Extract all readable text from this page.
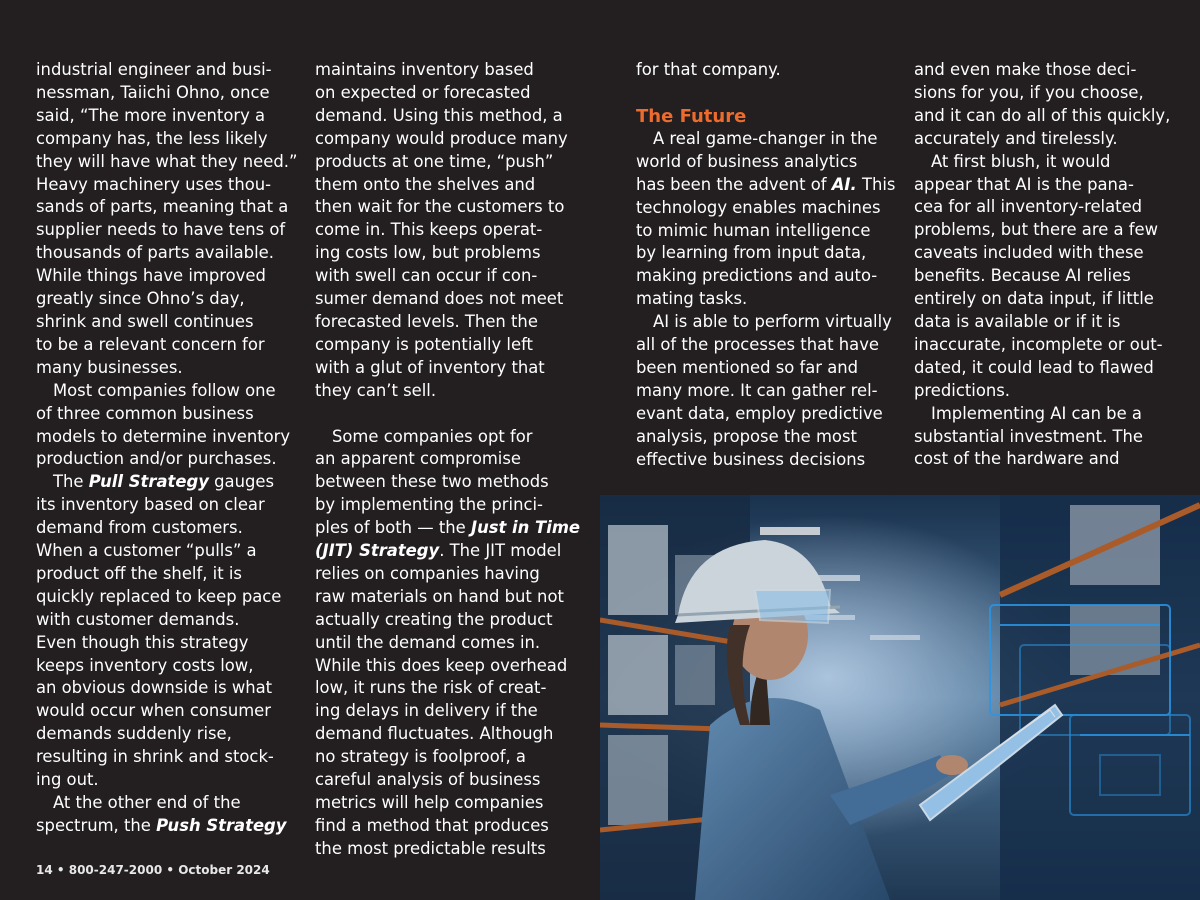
industrial engineer and busi-
nessman, Taiichi Ohno, once
said, “The more inventory a
company has, the less likely
they will have what they need.”
Heavy machinery uses thou-
sands of parts, meaning that a
supplier needs to have tens of
thousands of parts available.
While things have improved
greatly since Ohno’s day,
shrink and swell continues
to be a relevant concern for
many businesses.

Most companies follow one
of three common business
models to determine inventory
production and/or purchases.

The Pull Strategy gauges
its inventory based on clear
demand from customers.
When a customer “pulls” a
product off the shelf, it is
quickly replaced to keep pace
with customer demands.
Even though this strategy
keeps inventory costs low,
an obvious downside is what
would occur when consumer
demands suddenly rise,
resulting in shrink and stock-
ing out.

At the other end of the
spectrum, the Push Strategy

maintains inventory based
on expected or forecasted
demand. Using this method, a
company would produce many
products at one time, “push”
them onto the shelves and
then wait for the customers to
come in. This keeps operat-
ing costs low, but problems
with swell can occur if con-
sumer demand does not meet
forecasted levels. Then the
company is potentially left
with a glut of inventory that
they can’t sell.

Some companies opt for
an apparent compromise
between these two methods
by implementing the princi-
ples of both — the Just in Time
(JIT) Strategy. The JIT model
relies on companies having
raw materials on hand but not
actually creating the product
until the demand comes in.
While this does keep overhead
low, it runs the risk of creat-
ing delays in delivery if the
demand fluctuates. Although
no strategy is foolproof, a
careful analysis of business
metrics will help companies
find a method that produces
the most predictable results

for that company.

The Future

A real game-changer in the
world of business analytics
has been the advent of AI. This
technology enables machines
to mimic human intelligence
by learning from input data,
making predictions and auto-
mating tasks.

AI is able to perform virtually
all of the processes that have
been mentioned so far and
many more. It can gather rel-
evant data, employ predictive
analysis, propose the most
effective business decisions

and even make those deci-
sions for you, if you choose,
and it can do all of this quickly,
accurately and tirelessly.

At first blush, it would
appear that AI is the pana-
cea for all inventory-related
problems, but there are a few
caveats included with these
benefits. Because AI relies
entirely on data input, if little
data is available or if it is
inaccurate, incomplete or out-
dated, it could lead to flawed
predictions.

Implementing AI can be a
substantial investment. The
cost of the hardware and

14 • 800-247-2000 • October 2024
